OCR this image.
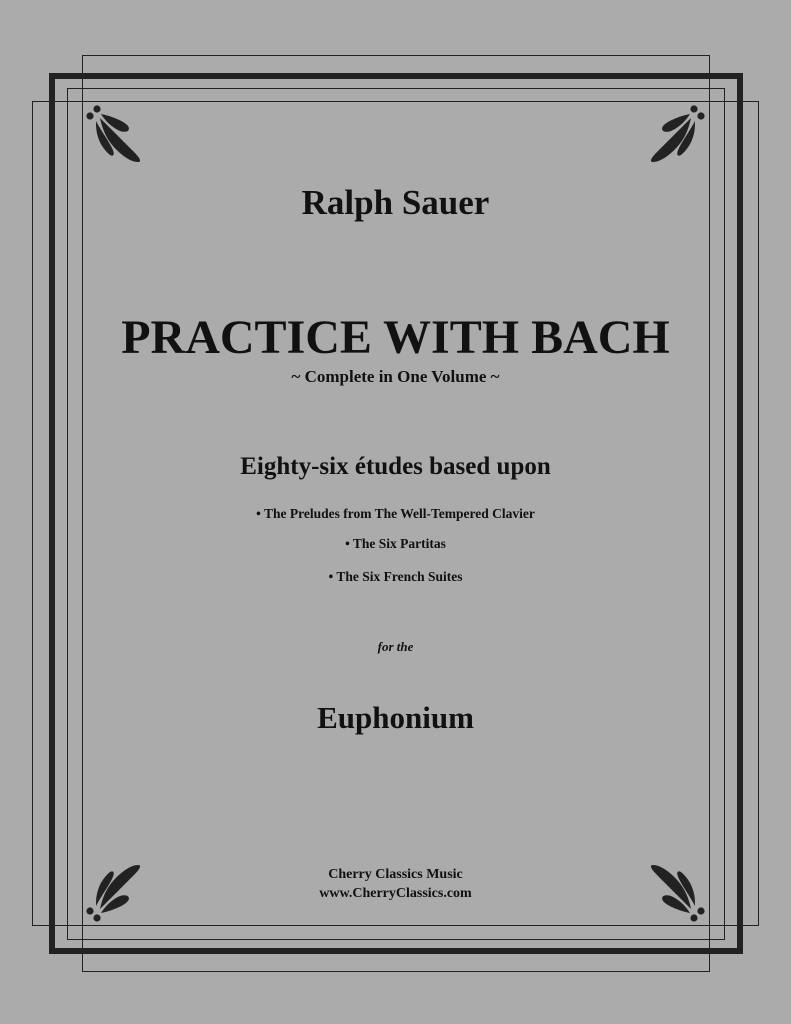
Ralph Sauer
PRACTICE WITH BACH
~ Complete in One Volume ~
Eighty-six études based upon
• The Preludes from The Well-Tempered Clavier
• The Six Partitas
• The Six French Suites
for the
Euphonium
Cherry Classics Music
www.CherryClassics.com
